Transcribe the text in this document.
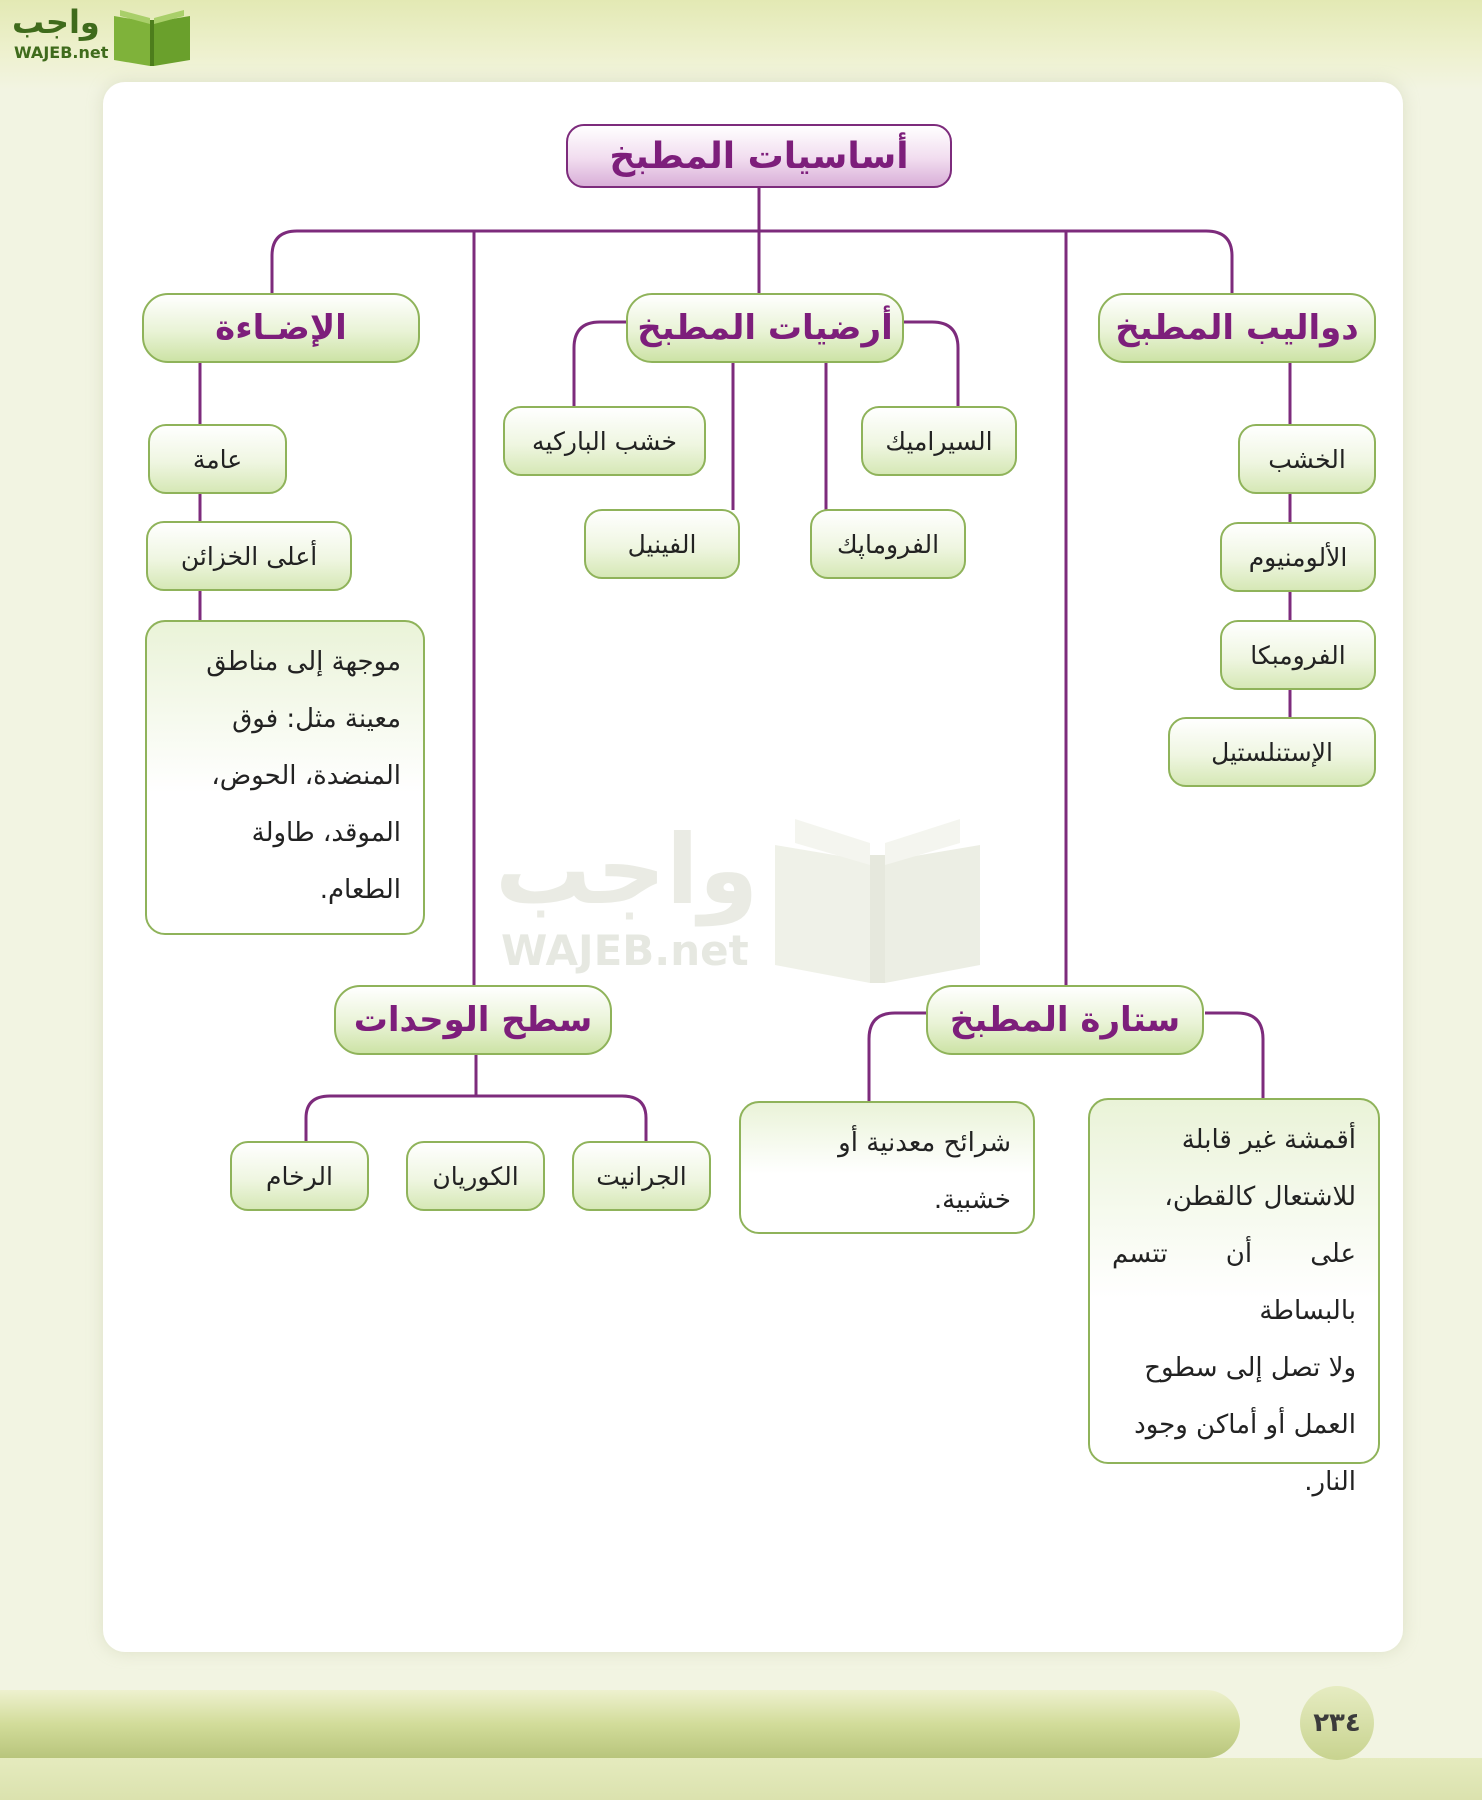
واجب
WAJEB.net
واجب
WAJEB.net
أساسيات المطبخ
دواليب المطبخ
أرضيات المطبخ
الإضـاءة
سطح الوحدات	ستارة المطبخ
الخشب
الألومنيوم
الفرومبكا
الإستنلستيل
خشب الباركيه	السيراميك
الفينيل	الفروماپك
عامة
أعلى الخزائن
موجهة إلى مناطق
معينة مثل: فوق
المنضدة، الحوض،
الموقد، طاولة
الطعام.
الجرانيت
الكوريان
الرخام
شرائح معدنية أو
خشبية.
أقمشة غير قابلة
للاشتعال كالقطن،
على أن تتسم بالبساطة
ولا تصل إلى سطوح
العمل أو أماكن وجود
النار.
٢٣٤
